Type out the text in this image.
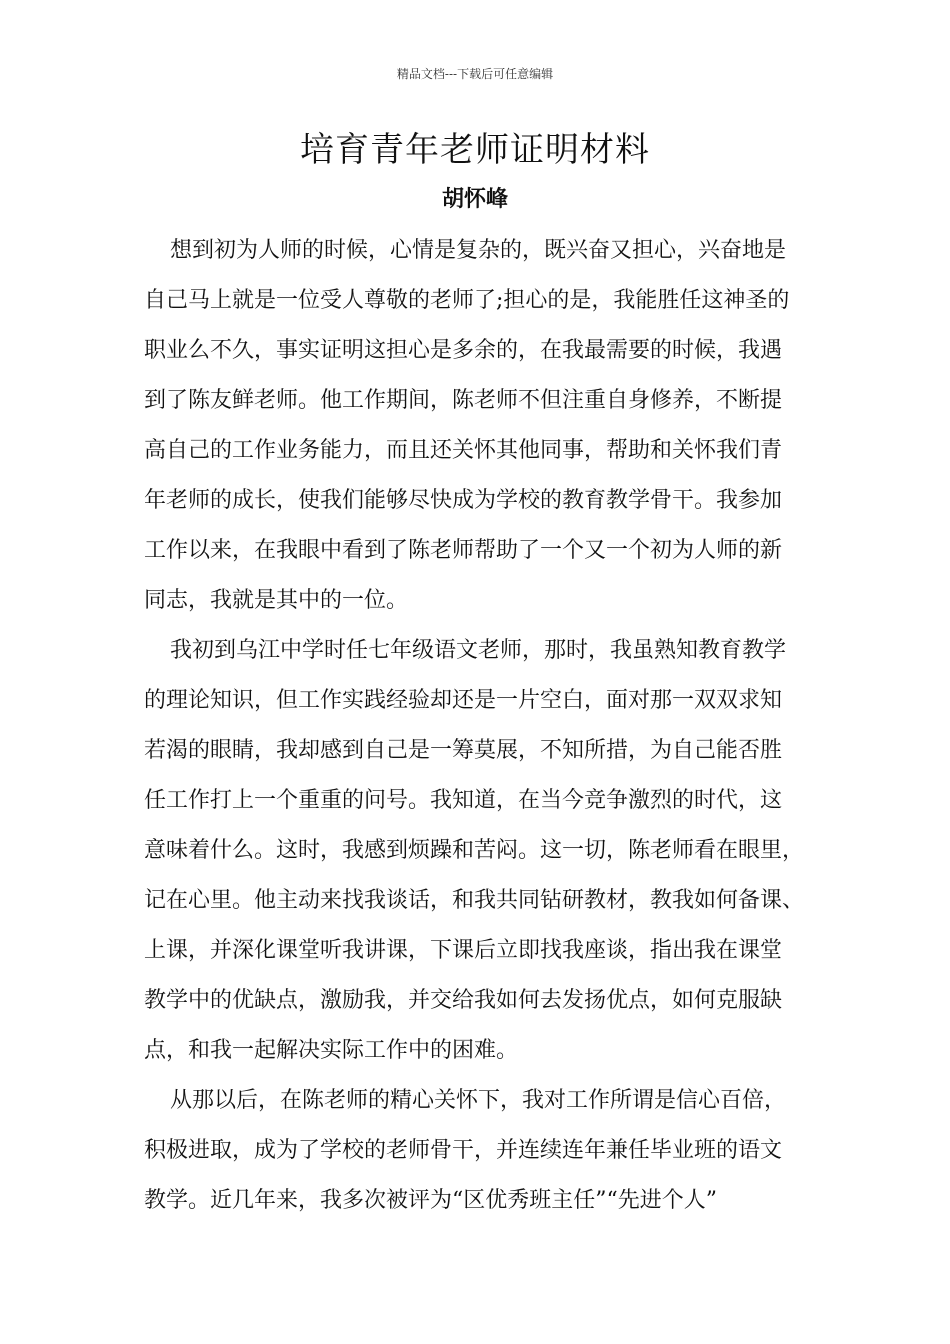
精品文档---下载后可任意编辑
培育青年老师证明材料
胡怀峰
想到初为人师的时候，心情是复杂的，既兴奋又担心，兴奋地是
自己马上就是一位受人尊敬的老师了;担心的是，我能胜任这神圣的
职业么不久，事实证明这担心是多余的，在我最需要的时候，我遇
到了陈友鲜老师。他工作期间，陈老师不但注重自身修养，不断提
高自己的工作业务能力，而且还关怀其他同事，帮助和关怀我们青
年老师的成长，使我们能够尽快成为学校的教育教学骨干。我参加
工作以来，在我眼中看到了陈老师帮助了一个又一个初为人师的新
同志，我就是其中的一位。
我初到乌江中学时任七年级语文老师，那时，我虽熟知教育教学
的理论知识，但工作实践经验却还是一片空白，面对那一双双求知
若渴的眼睛，我却感到自己是一筹莫展，不知所措，为自己能否胜
任工作打上一个重重的问号。我知道，在当今竞争激烈的时代，这
意味着什么。这时，我感到烦躁和苦闷。这一切，陈老师看在眼里，
记在心里。他主动来找我谈话，和我共同钻研教材，教我如何备课、
上课，并深化课堂听我讲课，下课后立即找我座谈，指出我在课堂
教学中的优缺点，激励我，并交给我如何去发扬优点，如何克服缺
点，和我一起解决实际工作中的困难。
从那以后，在陈老师的精心关怀下，我对工作所谓是信心百倍，
积极进取，成为了学校的老师骨干，并连续连年兼任毕业班的语文
教学。近几年来，我多次被评为“区优秀班主任”“先进个人”
